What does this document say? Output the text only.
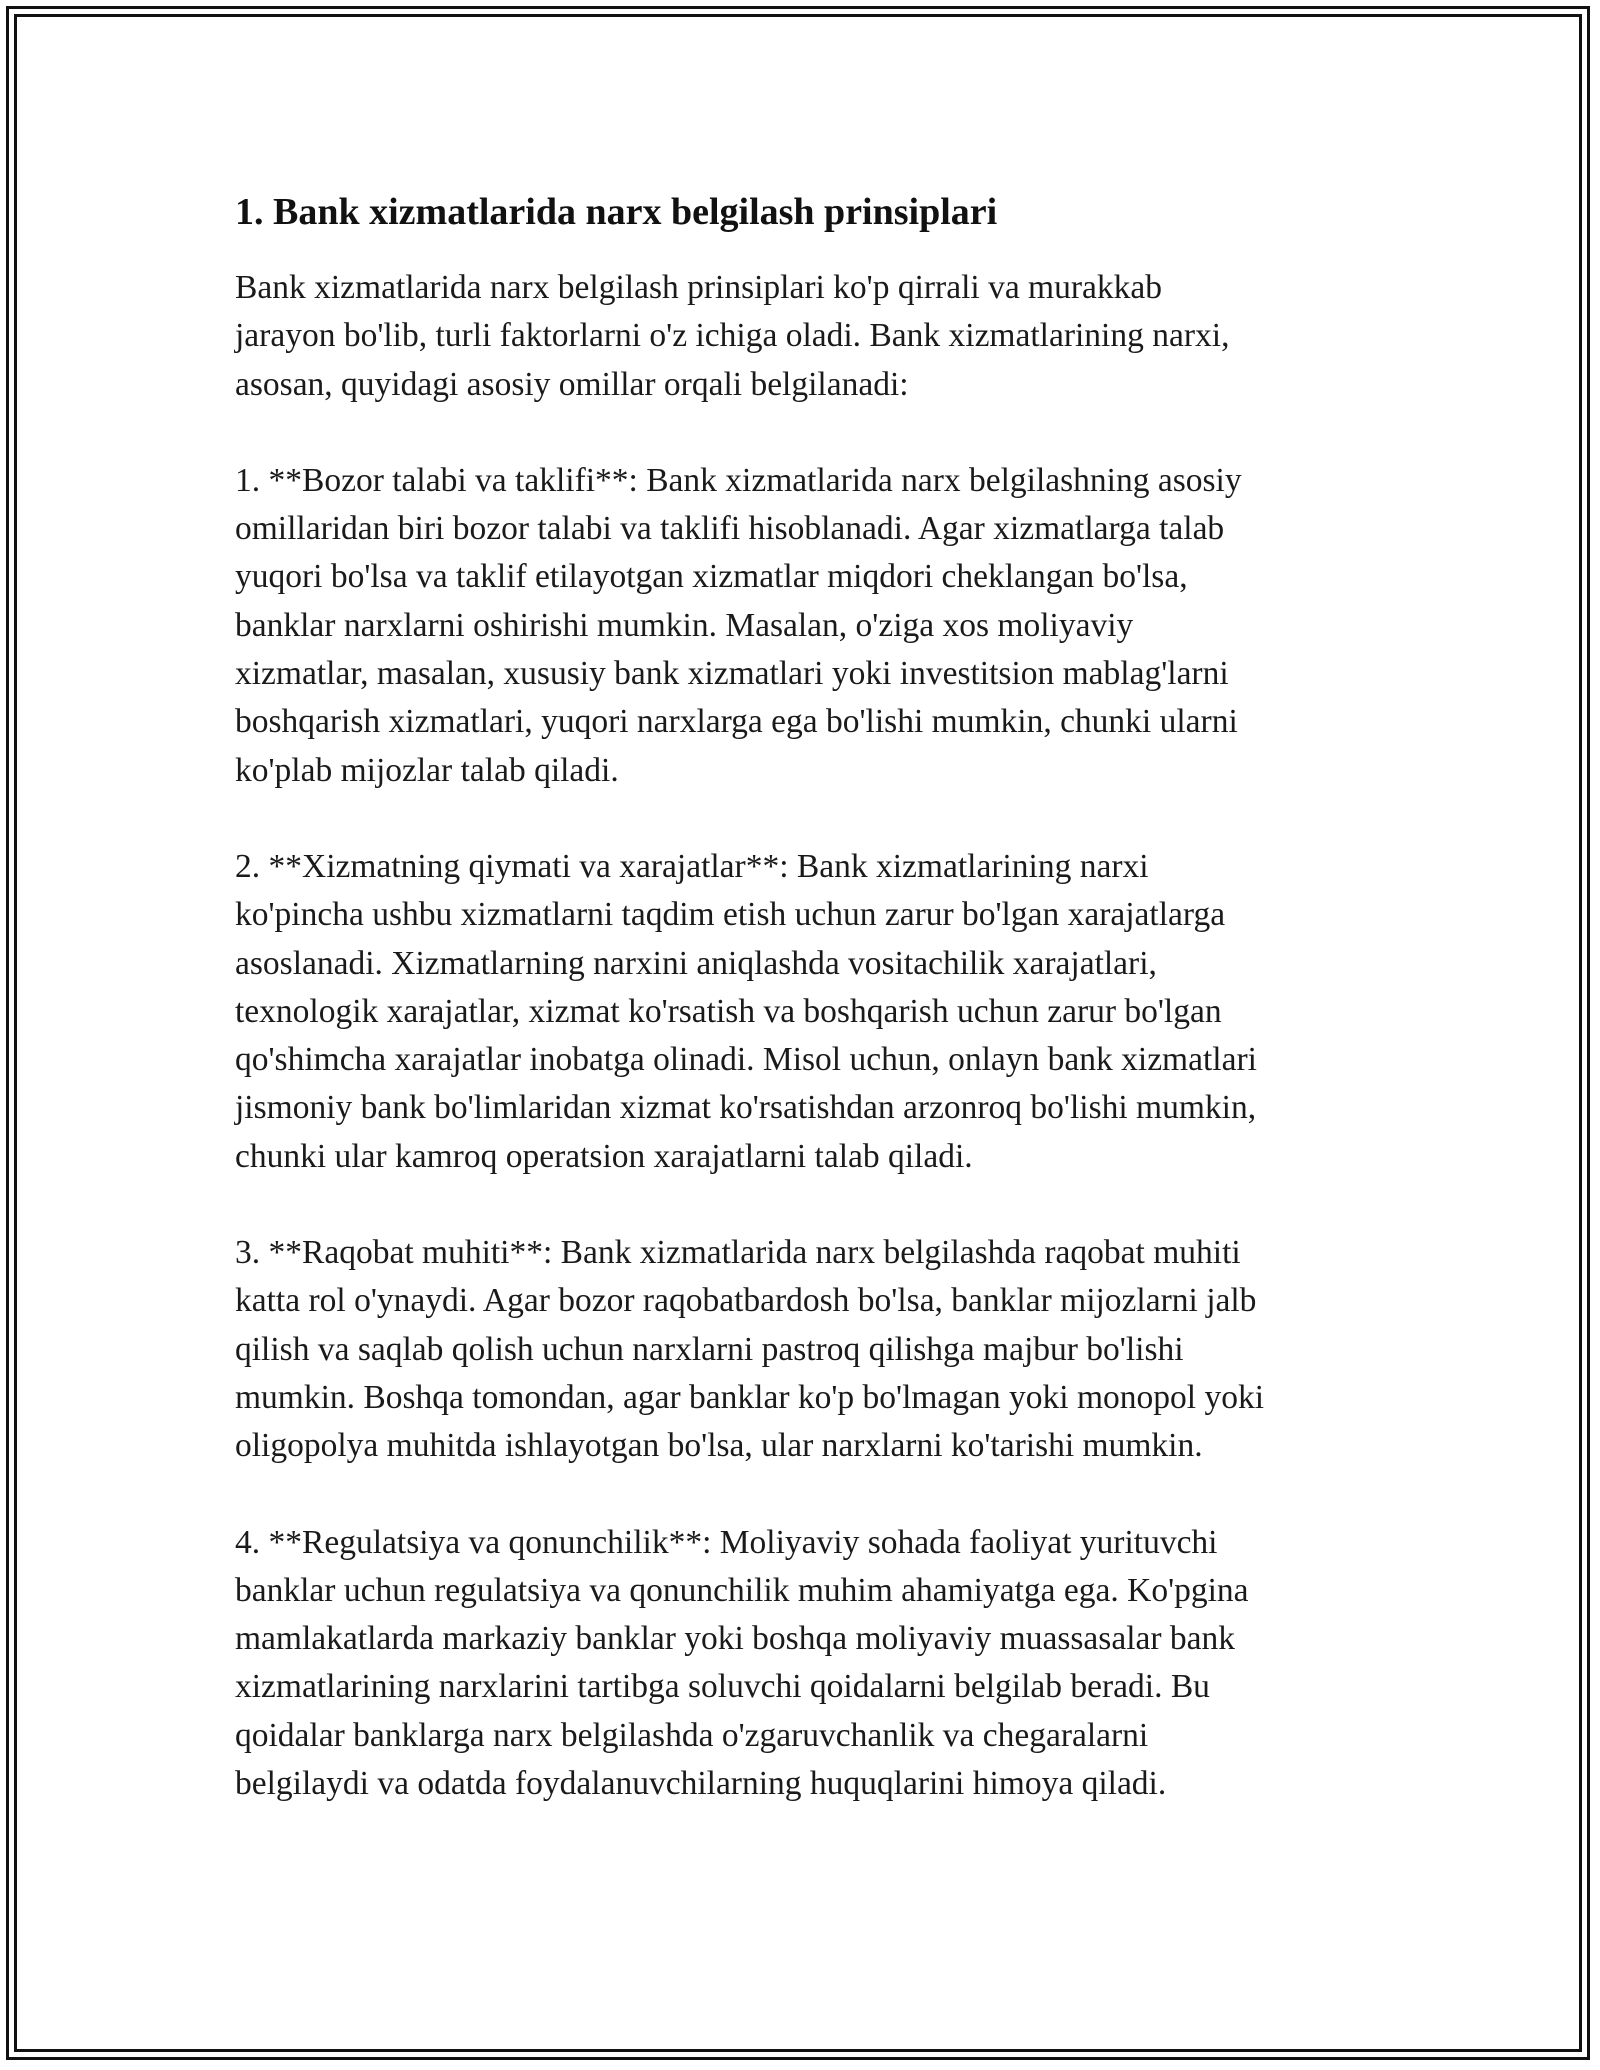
1. Bank xizmatlarida narx belgilash prinsiplari

Bank xizmatlarida narx belgilash prinsiplari ko'p qirrali va murakkab
jarayon bo'lib, turli faktorlarni o'z ichiga oladi. Bank xizmatlarining narxi,
asosan, quyidagi asosiy omillar orqali belgilanadi:

1. **Bozor talabi va taklifi**: Bank xizmatlarida narx belgilashning asosiy
omillaridan biri bozor talabi va taklifi hisoblanadi. Agar xizmatlarga talab
yuqori bo'lsa va taklif etilayotgan xizmatlar miqdori cheklangan bo'lsa,
banklar narxlarni oshirishi mumkin. Masalan, o'ziga xos moliyaviy
xizmatlar, masalan, xususiy bank xizmatlari yoki investitsion mablag'larni
boshqarish xizmatlari, yuqori narxlarga ega bo'lishi mumkin, chunki ularni
ko'plab mijozlar talab qiladi.

2. **Xizmatning qiymati va xarajatlar**: Bank xizmatlarining narxi
ko'pincha ushbu xizmatlarni taqdim etish uchun zarur bo'lgan xarajatlarga
asoslanadi. Xizmatlarning narxini aniqlashda vositachilik xarajatlari,
texnologik xarajatlar, xizmat ko'rsatish va boshqarish uchun zarur bo'lgan
qo'shimcha xarajatlar inobatga olinadi. Misol uchun, onlayn bank xizmatlari
jismoniy bank bo'limlaridan xizmat ko'rsatishdan arzonroq bo'lishi mumkin,
chunki ular kamroq operatsion xarajatlarni talab qiladi.

3. **Raqobat muhiti**: Bank xizmatlarida narx belgilashda raqobat muhiti
katta rol o'ynaydi. Agar bozor raqobatbardosh bo'lsa, banklar mijozlarni jalb
qilish va saqlab qolish uchun narxlarni pastroq qilishga majbur bo'lishi
mumkin. Boshqa tomondan, agar banklar ko'p bo'lmagan yoki monopol yoki
oligopolya muhitda ishlayotgan bo'lsa, ular narxlarni ko'tarishi mumkin.

4. **Regulatsiya va qonunchilik**: Moliyaviy sohada faoliyat yurituvchi
banklar uchun regulatsiya va qonunchilik muhim ahamiyatga ega. Ko'pgina
mamlakatlarda markaziy banklar yoki boshqa moliyaviy muassasalar bank
xizmatlarining narxlarini tartibga soluvchi qoidalarni belgilab beradi. Bu
qoidalar banklarga narx belgilashda o'zgaruvchanlik va chegaralarni
belgilaydi va odatda foydalanuvchilarning huquqlarini himoya qiladi.
